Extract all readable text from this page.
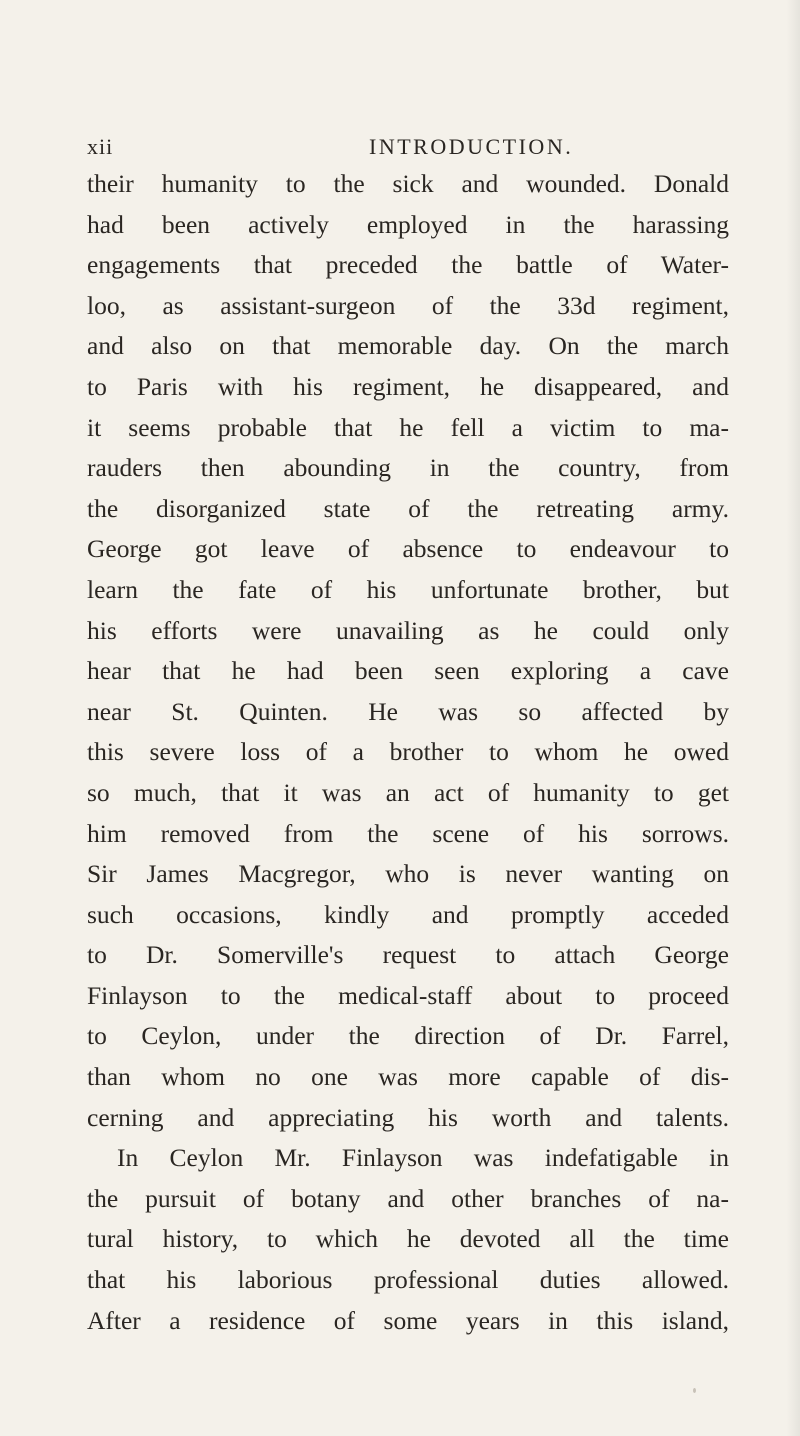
xii	INTRODUCTION.
their humanity to the sick and wounded. Donald
had been actively employed in the harassing
engagements that preceded the battle of Water-
loo, as assistant-surgeon of the 33d regiment,
and also on that memorable day. On the march
to Paris with his regiment, he disappeared, and
it seems probable that he fell a victim to ma-
rauders then abounding in the country, from
the disorganized state of the retreating army.
George got leave of absence to endeavour to
learn the fate of his unfortunate brother, but
his efforts were unavailing as he could only
hear that he had been seen exploring a cave
near St. Quinten. He was so affected by
this severe loss of a brother to whom he owed
so much, that it was an act of humanity to get
him removed from the scene of his sorrows.
Sir James Macgregor, who is never wanting on
such occasions, kindly and promptly acceded
to Dr. Somerville's request to attach George
Finlayson to the medical-staff about to proceed
to Ceylon, under the direction of Dr. Farrel,
than whom no one was more capable of dis-
cerning and appreciating his worth and talents.
In Ceylon Mr. Finlayson was indefatigable in
the pursuit of botany and other branches of na-
tural history, to which he devoted all the time
that his laborious professional duties allowed.
After a residence of some years in this island,
